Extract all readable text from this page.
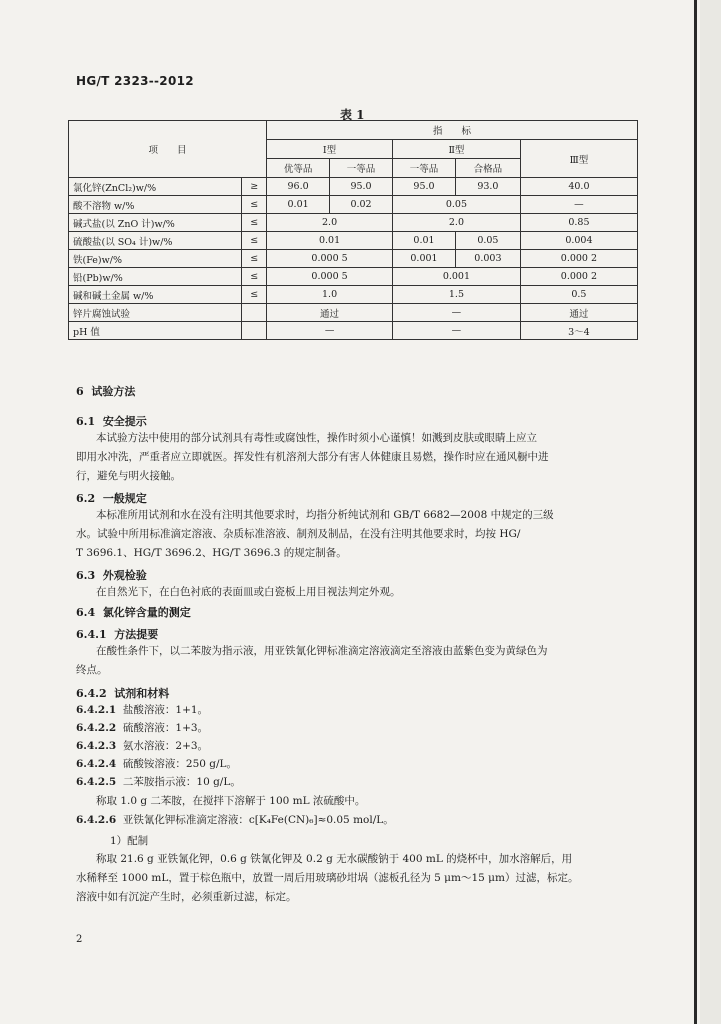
HG/T 2323--2012
表 1
项　　目		指　　标				
		Ⅰ型		Ⅱ型		Ⅲ型
		优等品	一等品	一等品	合格品	
氯化锌(ZnCl₂)w/%	≥	96.0	95.0	95.0	93.0	40.0
酸不溶物 w/%	≤	0.01	0.02	0.05		—
碱式盐(以 ZnO 计)w/%	≤	2.0		2.0		0.85
硫酸盐(以 SO₄ 计)w/%	≤	0.01		0.01	0.05	0.004
铁(Fe)w/%	≤	0.000 5		0.001	0.003	0.000 2
铅(Pb)w/%	≤	0.000 5		0.001		0.000 2
碱和碱土金属 w/%	≤	1.0		1.5		0.5
锌片腐蚀试验		通过		—		通过
pH 值		—		—		3～4
6 试验方法
6.1 安全提示
本试验方法中使用的部分试剂具有毒性或腐蚀性，操作时须小心谨慎！如溅到皮肤或眼睛上应立
即用水冲洗，严重者应立即就医。挥发性有机溶剂大部分有害人体健康且易燃，操作时应在通风橱中进
行，避免与明火接触。
6.2 一般规定
本标准所用试剂和水在没有注明其他要求时，均指分析纯试剂和 GB/T 6682—2008 中规定的三级
水。试验中所用标准滴定溶液、杂质标准溶液、制剂及制品，在没有注明其他要求时，均按 HG/
T 3696.1、HG/T 3696.2、HG/T 3696.3 的规定制备。
6.3 外观检验
在自然光下，在白色衬底的表面皿或白瓷板上用目视法判定外观。
6.4 氯化锌含量的测定
6.4.1 方法提要
在酸性条件下，以二苯胺为指示液，用亚铁氰化钾标准滴定溶液滴定至溶液由蓝紫色变为黄绿色为
终点。
6.4.2 试剂和材料
6.4.2.1 盐酸溶液：1+1。
6.4.2.2 硫酸溶液：1+3。
6.4.2.3 氨水溶液：2+3。
6.4.2.4 硫酸铵溶液：250 g/L。
6.4.2.5 二苯胺指示液：10 g/L。
称取 1.0 g 二苯胺，在搅拌下溶解于 100 mL 浓硫酸中。
6.4.2.6 亚铁氰化钾标准滴定溶液：c[K₄Fe(CN)₆]≈0.05 mol/L。
1）配制
称取 21.6 g 亚铁氰化钾，0.6 g 铁氰化钾及 0.2 g 无水碳酸钠于 400 mL 的烧杯中，加水溶解后，用
水稀释至 1000 mL，置于棕色瓶中，放置一周后用玻璃砂坩埚（滤板孔径为 5 μm～15 μm）过滤，标定。
溶液中如有沉淀产生时，必须重新过滤，标定。
2
